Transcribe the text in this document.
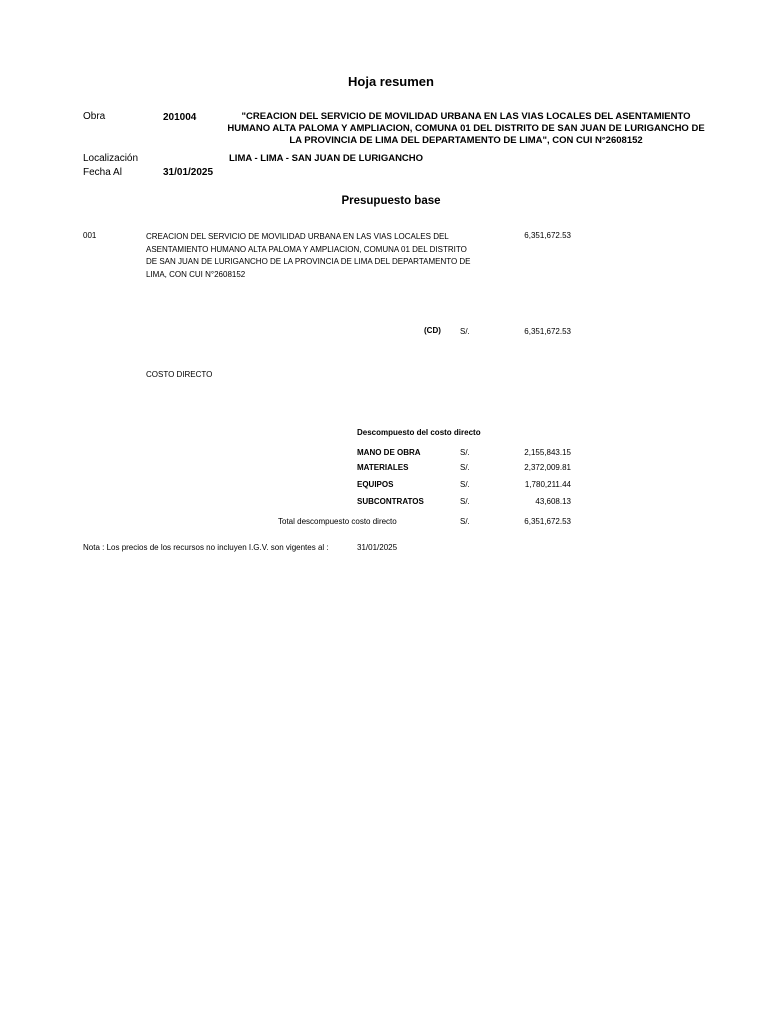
Hoja resumen
Obra	201004	"CREACION DEL SERVICIO DE MOVILIDAD URBANA EN LAS VIAS LOCALES DEL ASENTAMIENTO
HUMANO ALTA PALOMA Y AMPLIACION, COMUNA 01 DEL DISTRITO DE SAN JUAN DE LURIGANCHO DE
LA PROVINCIA DE LIMA DEL DEPARTAMENTO DE LIMA", CON CUI N°2608152
Localización	LIMA - LIMA - SAN JUAN DE LURIGANCHO
Fecha Al	31/01/2025
Presupuesto base
001	CREACION DEL SERVICIO DE MOVILIDAD URBANA EN LAS VIAS LOCALES DEL
ASENTAMIENTO HUMANO ALTA PALOMA Y AMPLIACION, COMUNA 01 DEL DISTRITO
DE SAN JUAN DE LURIGANCHO DE LA PROVINCIA DE LIMA DEL DEPARTAMENTO DE
LIMA, CON CUI N°2608152
6,351,672.53
(CD) S/.	6,351,672.53
COSTO DIRECTO
Descompuesto del costo directo
MANO DE OBRA	S/.	2,155,843.15
MATERIALES	S/.	2,372,009.81
EQUIPOS	S/.	1,780,211.44
SUBCONTRATOS	S/.	43,608.13
Total descompuesto costo directo	S/.	6,351,672.53
Nota : Los precios de los recursos no incluyen I.G.V. son vigentes al :	31/01/2025
